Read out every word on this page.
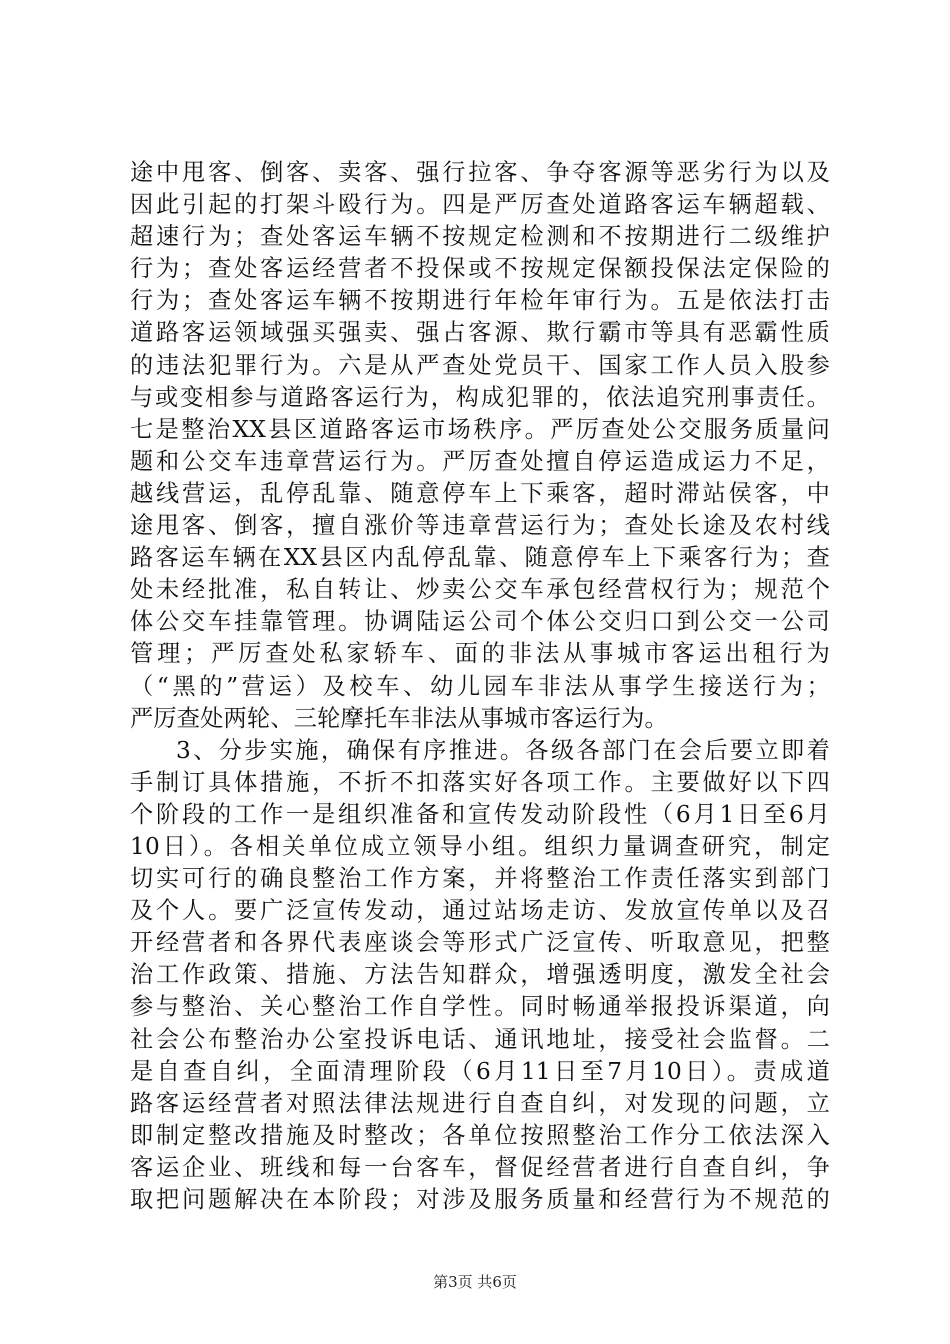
途中甩客、倒客、卖客、强行拉客、争夺客源等恶劣行为以及
因此引起的打架斗殴行为。四是严厉查处道路客运车辆超载、
超速行为；查处客运车辆不按规定检测和不按期进行二级维护
行为；查处客运经营者不投保或不按规定保额投保法定保险的
行为；查处客运车辆不按期进行年检年审行为。五是依法打击
道路客运领域强买强卖、强占客源、欺行霸市等具有恶霸性质
的违法犯罪行为。六是从严查处党员干、国家工作人员入股参
与或变相参与道路客运行为，构成犯罪的，依法追究刑事责任。
七是整治XX县区道路客运市场秩序。严厉查处公交服务质量问
题和公交车违章营运行为。严厉查处擅自停运造成运力不足，
越线营运，乱停乱靠、随意停车上下乘客，超时滞站侯客，中
途甩客、倒客，擅自涨价等违章营运行为；查处长途及农村线
路客运车辆在XX县区内乱停乱靠、随意停车上下乘客行为；查
处未经批准，私自转让、炒卖公交车承包经营权行为；规范个
体公交车挂靠管理。协调陆运公司个体公交归口到公交一公司
管理；严厉查处私家轿车、面的非法从事城市客运出租行为
（“黑的”营运）及校车、幼儿园车非法从事学生接送行为；
严厉查处两轮、三轮摩托车非法从事城市客运行为。
3、分步实施，确保有序推进。各级各部门在会后要立即着
手制订具体措施，不折不扣落实好各项工作。主要做好以下四
个阶段的工作一是组织准备和宣传发动阶段性（6月1日至6月
10日）。各相关单位成立领导小组。组织力量调查研究，制定
切实可行的确良整治工作方案，并将整治工作责任落实到部门
及个人。要广泛宣传发动，通过站场走访、发放宣传单以及召
开经营者和各界代表座谈会等形式广泛宣传、听取意见，把整
治工作政策、措施、方法告知群众，增强透明度，激发全社会
参与整治、关心整治工作自学性。同时畅通举报投诉渠道，向
社会公布整治办公室投诉电话、通讯地址，接受社会监督。二
是自查自纠，全面清理阶段（6月11日至7月10日）。责成道
路客运经营者对照法律法规进行自查自纠，对发现的问题，立
即制定整改措施及时整改；各单位按照整治工作分工依法深入
客运企业、班线和每一台客车，督促经营者进行自查自纠，争
取把问题解决在本阶段；对涉及服务质量和经营行为不规范的
第3页 共6页
